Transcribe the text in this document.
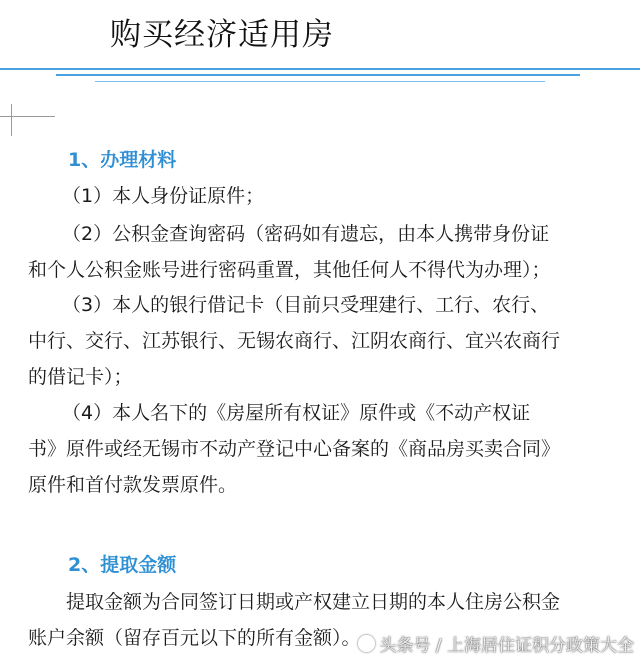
购买经济适用房
1、办理材料

（1）本人身份证原件；

（2）公积金查询密码（密码如有遗忘，由本人携带身份证
和个人公积金账号进行密码重置，其他任何人不得代为办理）；

（3）本人的银行借记卡（目前只受理建行、工行、农行、
中行、交行、江苏银行、无锡农商行、江阴农商行、宜兴农商行
的借记卡）；

（4）本人名下的《房屋所有权证》原件或《不动产权证
书》原件或经无锡市不动产登记中心备案的《商品房买卖合同》
原件和首付款发票原件。

2、提取金额

提取金额为合同签订日期或产权建立日期的本人住房公积金
账户余额（留存百元以下的所有金额）。	头条号 / 上海居住证积分政策大全
